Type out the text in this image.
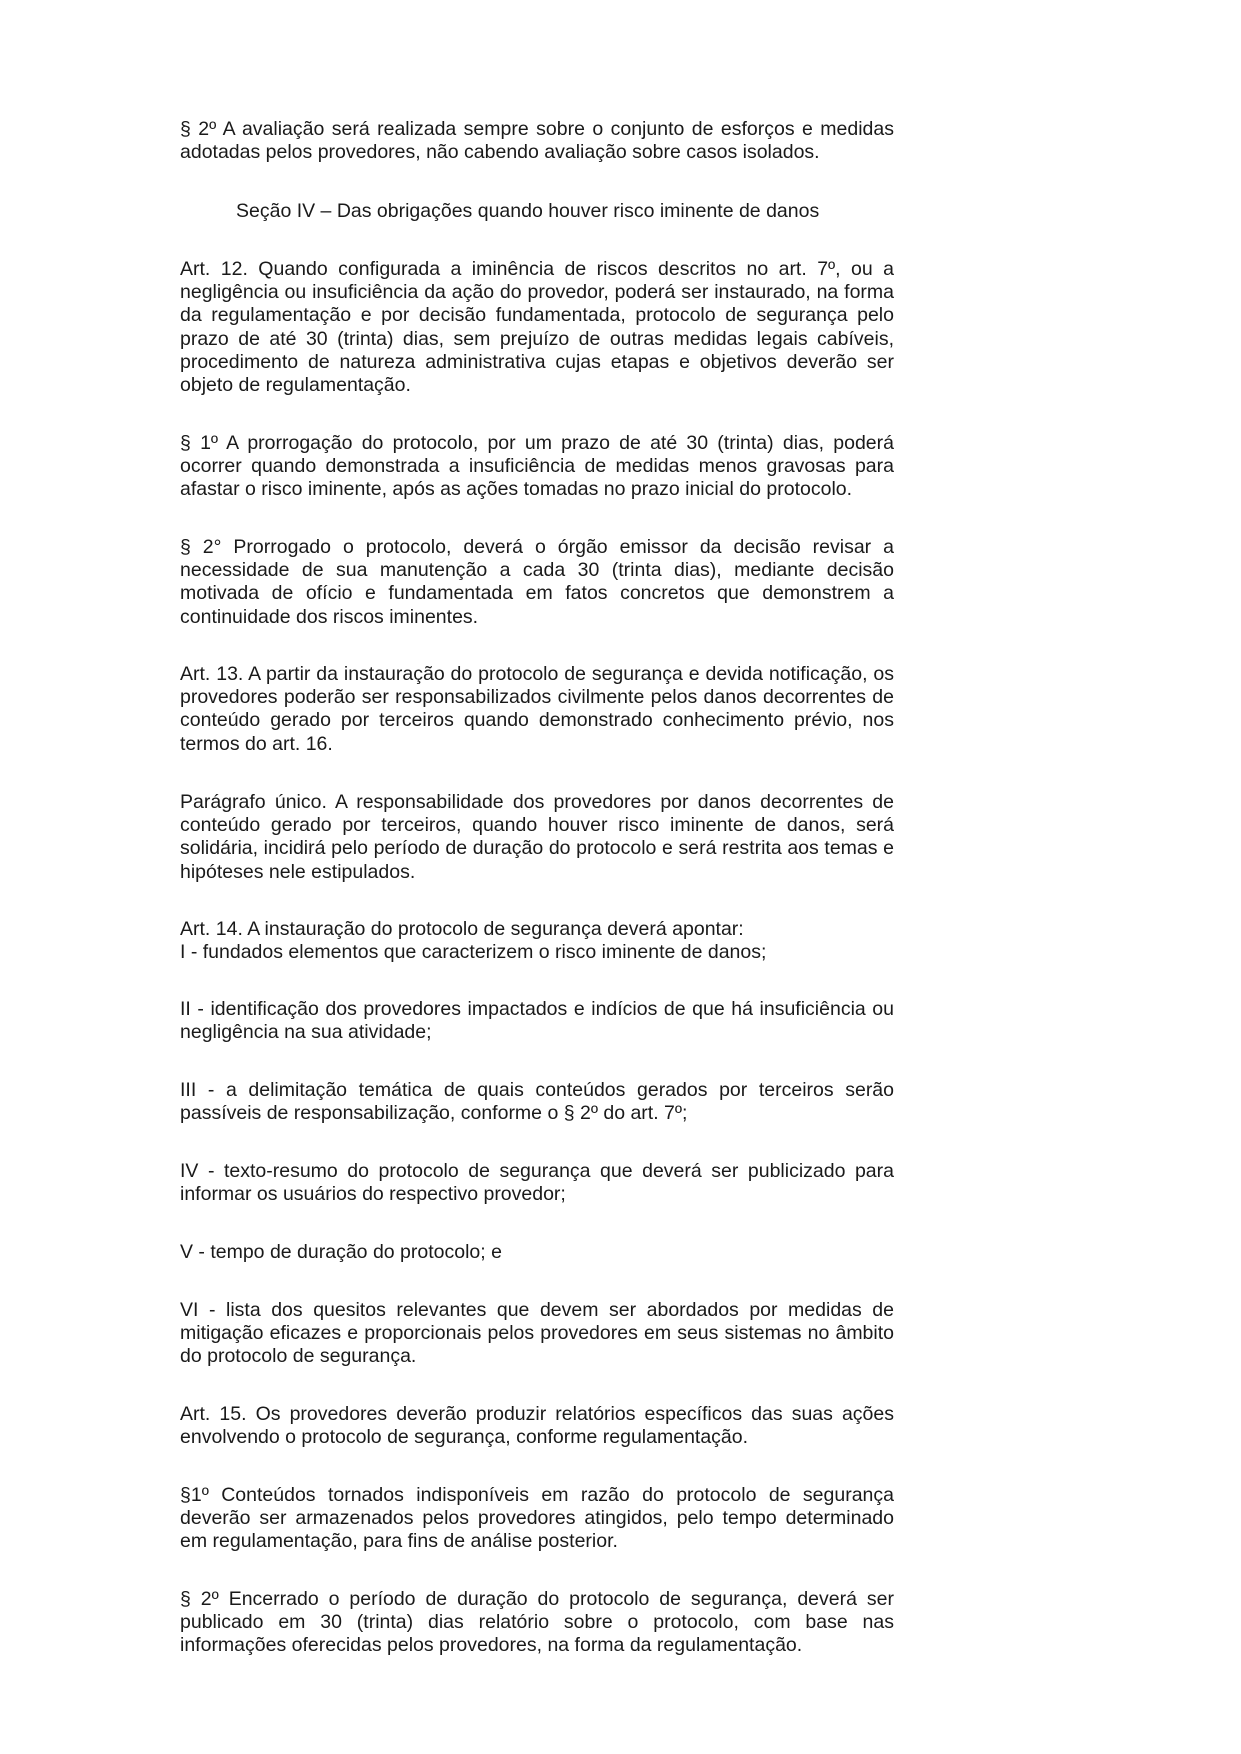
§ 2º A avaliação será realizada sempre sobre o conjunto de esforços e medidas adotadas pelos provedores, não cabendo avaliação sobre casos isolados.

Seção IV – Das obrigações quando houver risco iminente de danos

Art. 12. Quando configurada a iminência de riscos descritos no art. 7º, ou a negligência ou insuficiência da ação do provedor, poderá ser instaurado, na forma da regulamentação e por decisão fundamentada, protocolo de segurança pelo prazo de até 30 (trinta) dias, sem prejuízo de outras medidas legais cabíveis, procedimento de natureza administrativa cujas etapas e objetivos deverão ser objeto de regulamentação.

§ 1º A prorrogação do protocolo, por um prazo de até 30 (trinta) dias, poderá ocorrer quando demonstrada a insuficiência de medidas menos gravosas para afastar o risco iminente, após as ações tomadas no prazo inicial do protocolo.

§ 2° Prorrogado o protocolo, deverá o órgão emissor da decisão revisar a necessidade de sua manutenção a cada 30 (trinta dias), mediante decisão motivada de ofício e fundamentada em fatos concretos que demonstrem a continuidade dos riscos iminentes.

Art. 13. A partir da instauração do protocolo de segurança e devida notificação, os provedores poderão ser responsabilizados civilmente pelos danos decorrentes de conteúdo gerado por terceiros quando demonstrado conhecimento prévio, nos termos do art. 16.

Parágrafo único. A responsabilidade dos provedores por danos decorrentes de conteúdo gerado por terceiros, quando houver risco iminente de danos, será solidária, incidirá pelo período de duração do protocolo e será restrita aos temas e hipóteses nele estipulados.

Art. 14. A instauração do protocolo de segurança deverá apontar:

I - fundados elementos que caracterizem o risco iminente de danos;

II - identificação dos provedores impactados e indícios de que há insuficiência ou negligência na sua atividade;

III - a delimitação temática de quais conteúdos gerados por terceiros serão passíveis de responsabilização, conforme o § 2º do art. 7º;

IV - texto-resumo do protocolo de segurança que deverá ser publicizado para informar os usuários do respectivo provedor;

V - tempo de duração do protocolo; e

VI - lista dos quesitos relevantes que devem ser abordados por medidas de mitigação eficazes e proporcionais pelos provedores em seus sistemas no âmbito do protocolo de segurança.

Art. 15. Os provedores deverão produzir relatórios específicos das suas ações envolvendo o protocolo de segurança, conforme regulamentação.

§1º Conteúdos tornados indisponíveis em razão do protocolo de segurança deverão ser armazenados pelos provedores atingidos, pelo tempo determinado em regulamentação, para fins de análise posterior.

§ 2º Encerrado o período de duração do protocolo de segurança, deverá ser publicado em 30 (trinta) dias relatório sobre o protocolo, com base nas informações oferecidas pelos provedores, na forma da regulamentação.
